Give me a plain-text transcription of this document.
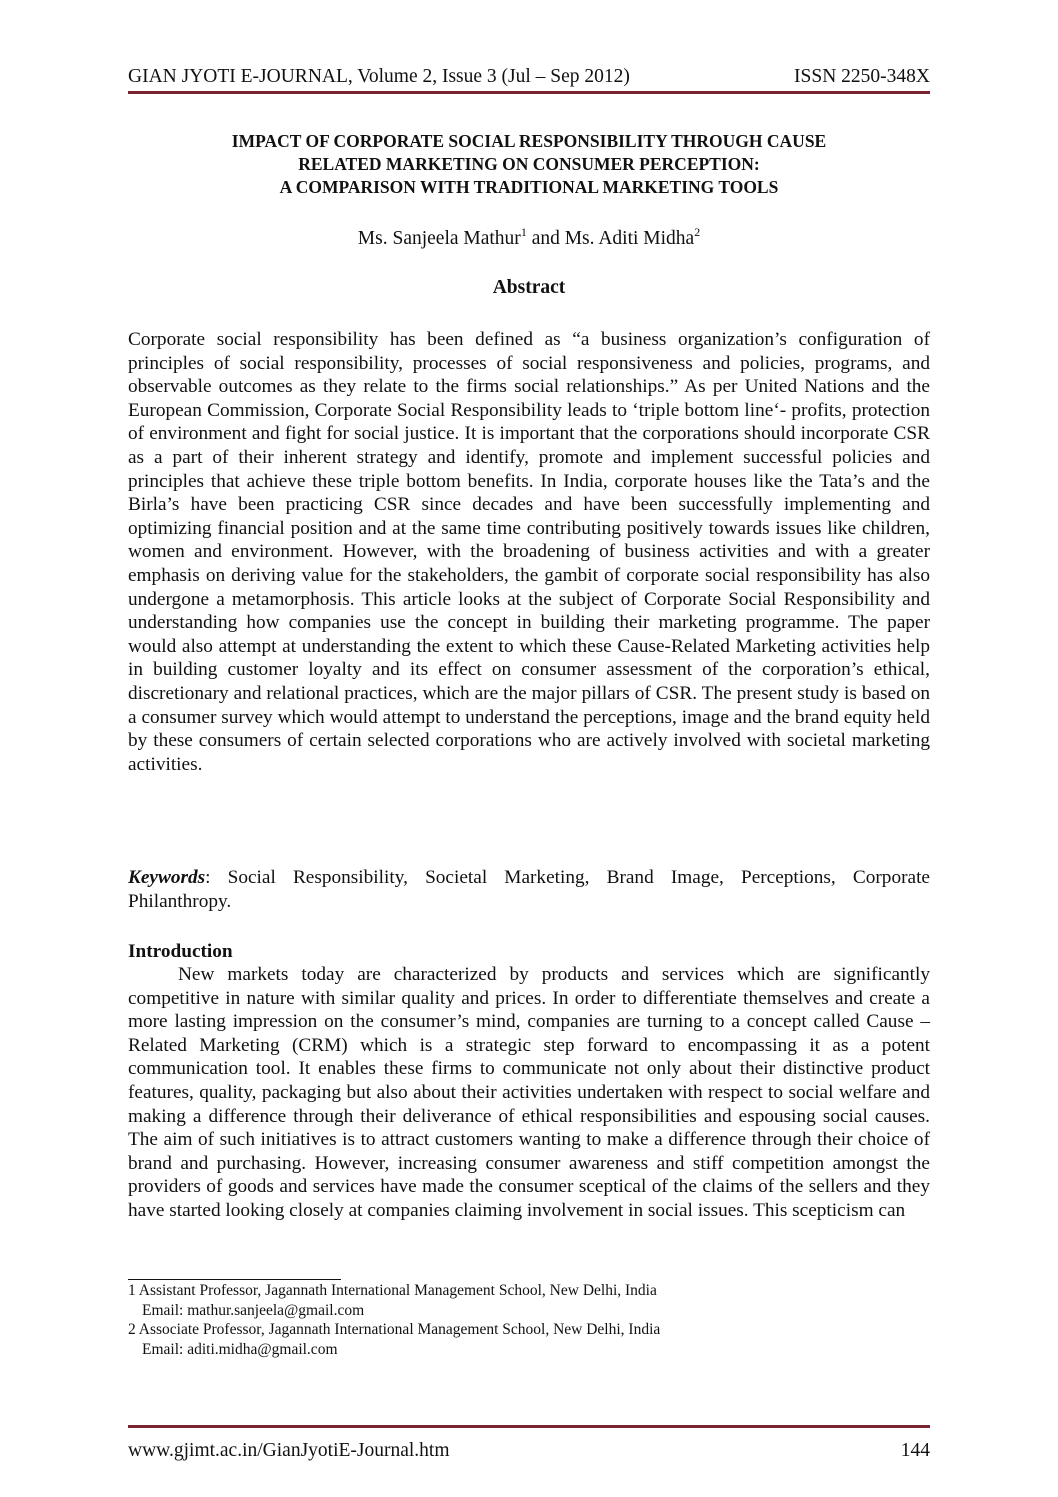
GIAN JYOTI E-JOURNAL, Volume 2, Issue 3 (Jul – Sep 2012)	ISSN 2250-348X
IMPACT OF CORPORATE SOCIAL RESPONSIBILITY THROUGH CAUSE
RELATED MARKETING ON CONSUMER PERCEPTION:
A COMPARISON WITH TRADITIONAL MARKETING TOOLS
Ms. Sanjeela Mathur$^1$ and Ms. Aditi Midha$^2$
Abstract

Corporate social responsibility has been defined as “a business organization’s configuration of principles of social responsibility, processes of social responsiveness and policies, programs, and observable outcomes as they relate to the firms social relationships.” As per United Nations and the European Commission, Corporate Social Responsibility leads to ‘triple bottom line‘- profits, protection of environment and fight for social justice. It is important that the corporations should incorporate CSR as a part of their inherent strategy and identify, promote and implement successful policies and principles that achieve these triple bottom benefits. In India, corporate houses like the Tata’s and the Birla’s have been practicing CSR since decades and have been successfully implementing and optimizing financial position and at the same time contributing positively towards issues like children, women and environment. However, with the broadening of business activities and with a greater emphasis on deriving value for the stakeholders, the gambit of corporate social responsibility has also undergone a metamorphosis. This article looks at the subject of Corporate Social Responsibility and understanding how companies use the concept in building their marketing programme. The paper would also attempt at understanding the extent to which these Cause-Related Marketing activities help in building customer loyalty and its effect on consumer assessment of the corporation’s ethical, discretionary and relational practices, which are the major pillars of CSR. The present study is based on a consumer survey which would attempt to understand the perceptions, image and the brand equity held by these consumers of certain selected corporations who are actively involved with societal marketing activities.

Keywords: Social Responsibility, Societal Marketing, Brand Image, Perceptions, Corporate Philanthropy.

Introduction

New markets today are characterized by products and services which are significantly competitive in nature with similar quality and prices. In order to differentiate themselves and create a more lasting impression on the consumer’s mind, companies are turning to a concept called Cause –Related Marketing (CRM) which is a strategic step forward to encompassing it as a potent communication tool. It enables these firms to communicate not only about their distinctive product features, quality, packaging but also about their activities undertaken with respect to social welfare and making a difference through their deliverance of ethical responsibilities and espousing social causes. The aim of such initiatives is to attract customers wanting to make a difference through their choice of brand and purchasing. However, increasing consumer awareness and stiff competition amongst the providers of goods and services have made the consumer sceptical of the claims of the sellers and they have started looking closely at companies claiming involvement in social issues. This scepticism can

1 Assistant Professor, Jagannath International Management School, New Delhi, India
Email: mathur.sanjeela@gmail.com
2 Associate Professor, Jagannath International Management School, New Delhi, India
Email: aditi.midha@gmail.com
www.gjimt.ac.in/GianJyotiE-Journal.htm	144
